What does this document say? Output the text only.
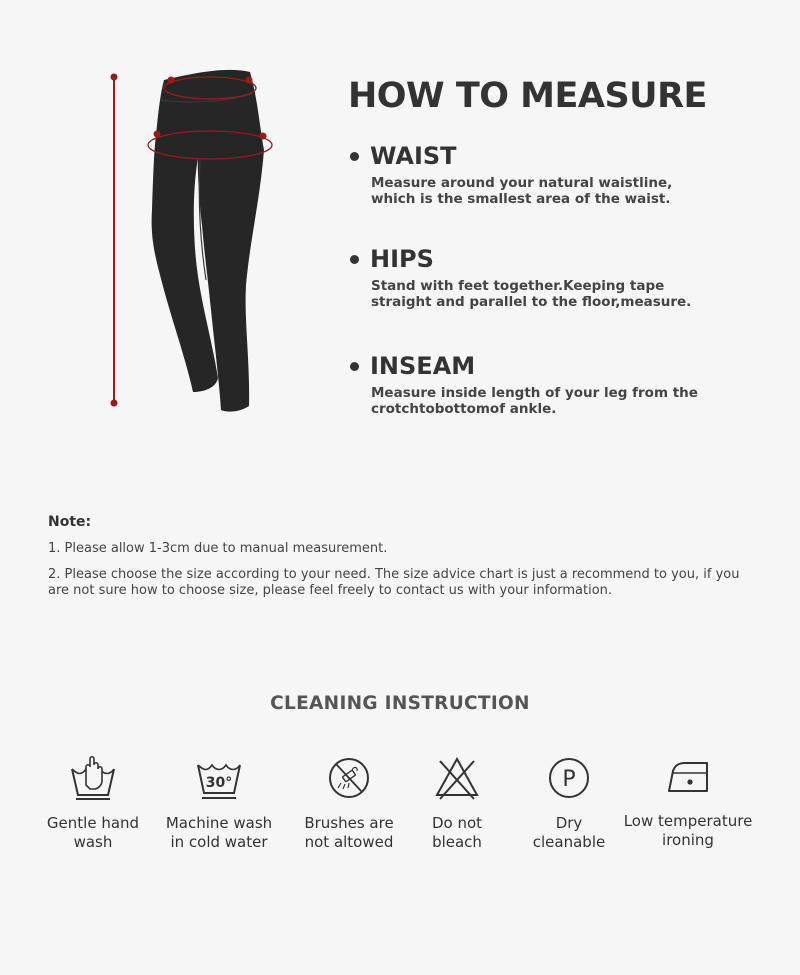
HOW TO MEASURE
WAIST
Measure around your natural waistline, which is the smallest area of the waist.
HIPS
Stand with feet together.Keeping tape straight and parallel to the floor,measure.
INSEAM
Measure inside length of your leg from the crotchtobottomof ankle.
Note:
1. Please allow 1-3cm due to manual measurement.
2. Please choose the size according to your need. The size advice chart is just a recommend to you, if you are not sure how to choose size, please feel freely to contact us with your information.
CLEANING INSTRUCTION
Gentle hand
wash
30°
Machine wash
in cold water
Brushes are
not altowed
Do not
bleach
P
Dry
cleanable
Low temperature
ironing
